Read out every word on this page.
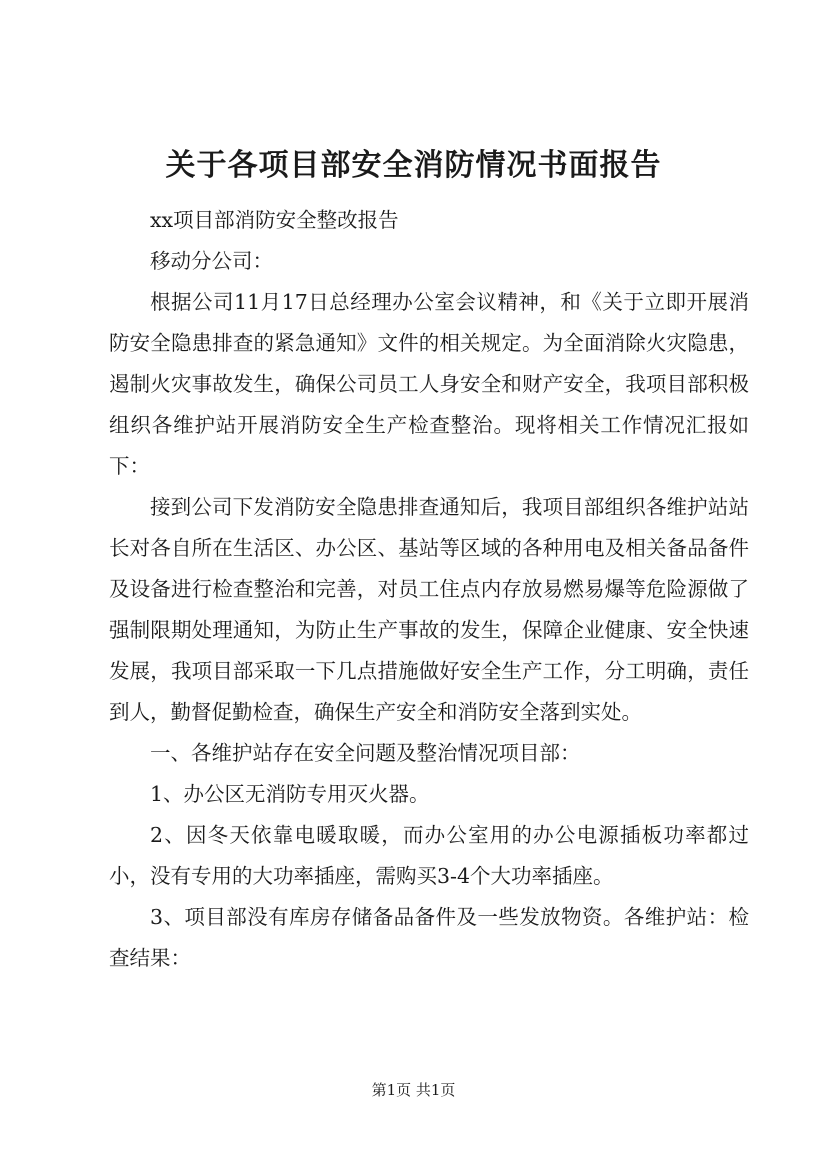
关于各项目部安全消防情况书面报告

xx项目部消防安全整改报告

移动分公司：

根据公司11月17日总经理办公室会议精神，和《关于立即开展消防安全隐患排查的紧急通知》文件的相关规定。为全面消除火灾隐患，遏制火灾事故发生，确保公司员工人身安全和财产安全，我项目部积极组织各维护站开展消防安全生产检查整治。现将相关工作情况汇报如下：

接到公司下发消防安全隐患排查通知后，我项目部组织各维护站站长对各自所在生活区、办公区、基站等区域的各种用电及相关备品备件及设备进行检查整治和完善，对员工住点内存放易燃易爆等危险源做了强制限期处理通知，为防止生产事故的发生，保障企业健康、安全快速发展，我项目部采取一下几点措施做好安全生产工作，分工明确，责任到人，勤督促勤检查，确保生产安全和消防安全落到实处。

一、各维护站存在安全问题及整治情况项目部：

1、办公区无消防专用灭火器。

2、因冬天依靠电暖取暖，而办公室用的办公电源插板功率都过小，没有专用的大功率插座，需购买3-4个大功率插座。

3、项目部没有库房存储备品备件及一些发放物资。各维护站：检查结果：

第1页 共1页
